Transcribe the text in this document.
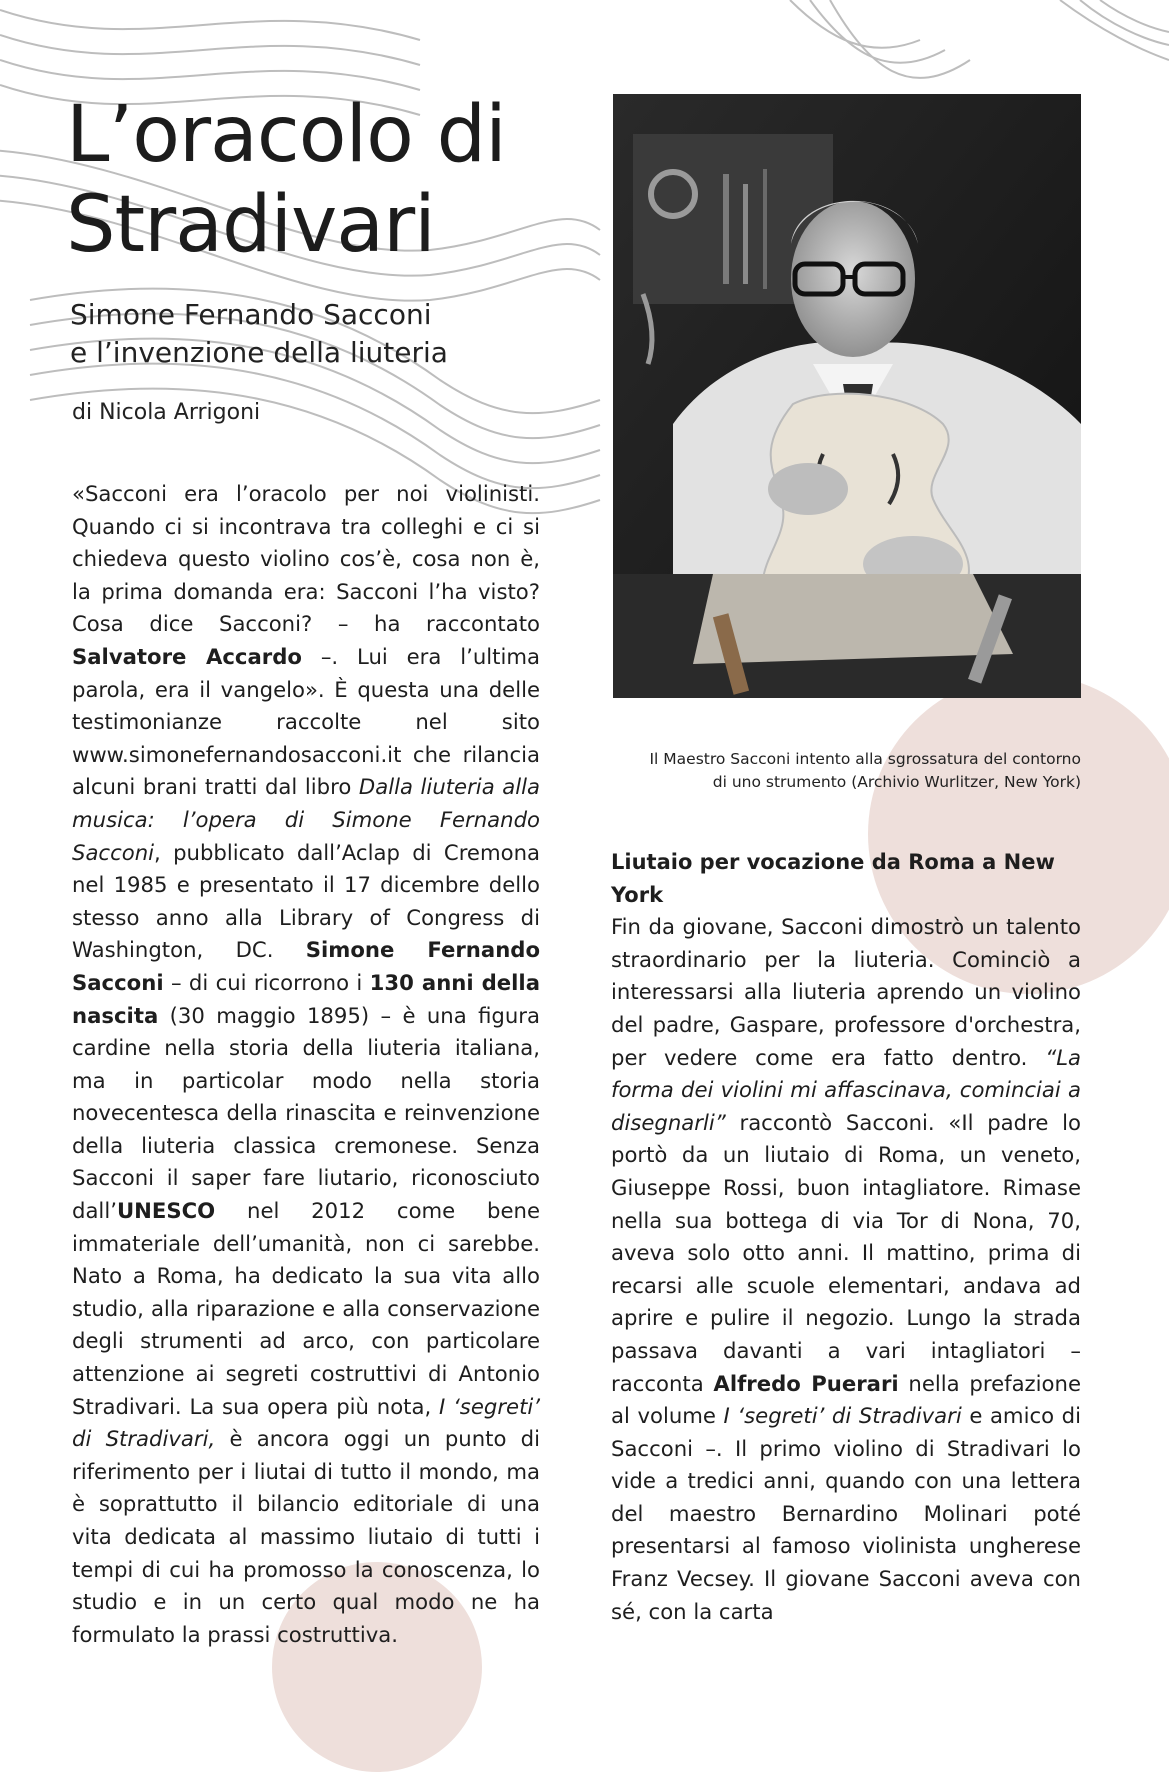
L’oracolo di
Stradivari
Simone Fernando Sacconi
e l’invenzione della liuteria

di Nicola Arrigoni

«Sacconi era l’oracolo per noi violinisti. Quando ci si incontrava tra colleghi e ci si chiedeva questo violino cos’è, cosa non è, la prima domanda era: Sacconi l’ha visto? Cosa dice Sacconi? – ha raccontato Salvatore Accardo –. Lui era l’ultima parola, era il vangelo». È questa una delle testimonianze raccolte nel sito www.simonefernandosacconi.it che rilancia alcuni brani tratti dal libro Dalla liuteria alla musica: l’opera di Simone Fernando Sacconi, pubblicato dall’Aclap di Cremona nel 1985 e presentato il 17 dicembre dello stesso anno alla Library of Congress di Washington, DC. Simone Fernando Sacconi – di cui ricorrono i 130 anni della nascita (30 maggio 1895) – è una figura cardine nella storia della liuteria italiana, ma in particolar modo nella storia novecentesca della rinascita e reinvenzione della liuteria classica cremonese. Senza Sacconi il saper fare liutario, riconosciuto dall’UNESCO nel 2012 come bene immateriale dell’umanità, non ci sarebbe. Nato a Roma, ha dedicato la sua vita allo studio, alla riparazione e alla conservazione degli strumenti ad arco, con particolare attenzione ai segreti costruttivi di Antonio Stradivari. La sua opera più nota, I ‘segreti’ di Stradivari, è ancora oggi un punto di riferimento per i liutai di tutto il mondo, ma è soprattutto il bilancio editoriale di una vita dedicata al massimo liutaio di tutti i tempi di cui ha promosso la conoscenza, lo studio e in un certo qual modo ne ha formulato la prassi costruttiva.

Il Maestro Sacconi intento alla sgrossatura del contorno
di uno strumento (Archivio Wurlitzer, New York)

Liutaio per vocazione da Roma a New York

Fin da giovane, Sacconi dimostrò un talento straordinario per la liuteria. Cominciò a interessarsi alla liuteria aprendo un violino del padre, Gaspare, professore d'orchestra, per vedere come era fatto dentro. “La forma dei violini mi affascinava, cominciai a disegnarli” raccontò Sacconi. «Il padre lo portò da un liutaio di Roma, un veneto, Giuseppe Rossi, buon intagliatore. Rimase nella sua bottega di via Tor di Nona, 70, aveva solo otto anni. Il mattino, prima di recarsi alle scuole elementari, andava ad aprire e pulire il negozio. Lungo la strada passava davanti a vari intagliatori – racconta Alfredo Puerari nella prefazione al volume I ‘segreti’ di Stradivari e amico di Sacconi –. Il primo violino di Stradivari lo vide a tredici anni, quando con una lettera del maestro Bernardino Molinari poté presentarsi al famoso violinista ungherese Franz Vecsey. Il giovane Sacconi aveva con sé, con la carta
